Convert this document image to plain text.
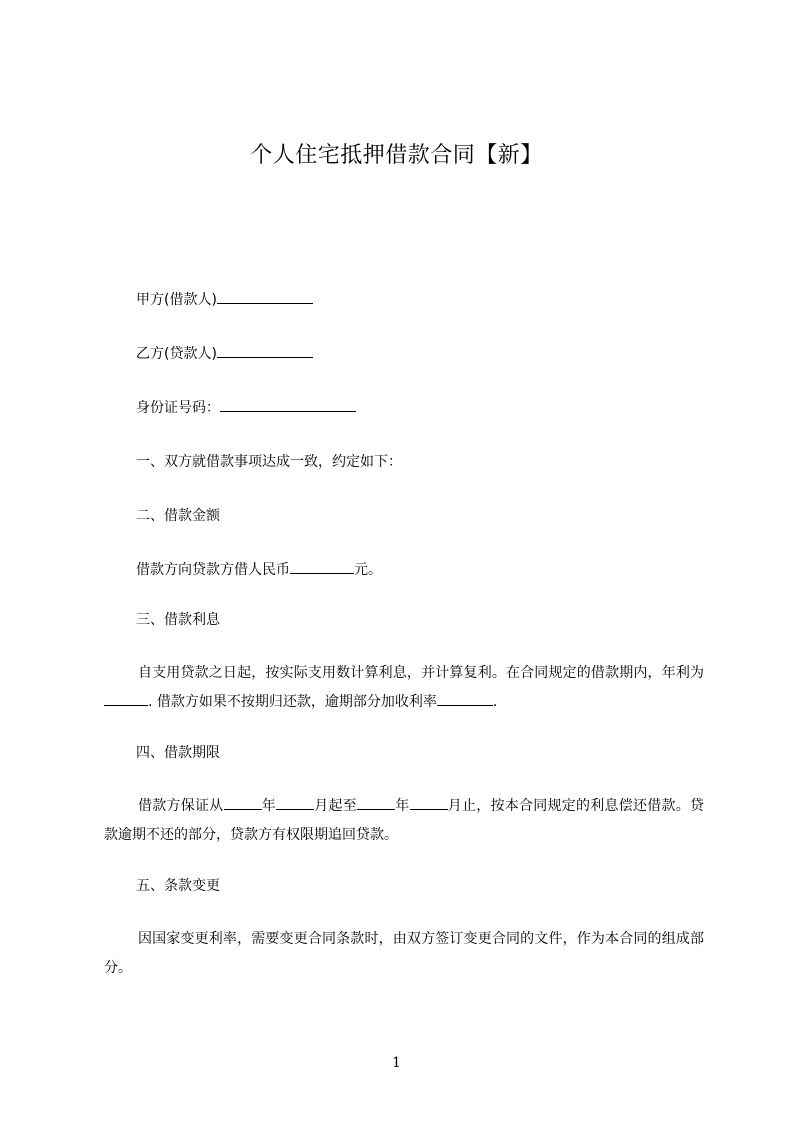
个人住宅抵押借款合同【新】
甲方(借款人)
乙方(贷款人)
身份证号码：
一、双方就借款事项达成一致，约定如下：
二、借款金额
借款方向贷款方借人民币	元。
三、借款利息
自支用贷款之日起，按实际支用数计算利息，并计算复利。在合同规定的借款期内，年利为. 借款方如果不按期归还款，逾期部分加收利率	.
四、借款期限
借款方保证从	年	月起至	年	月止，按本合同规定的利息偿还借款。贷款逾期不还的部分，贷款方有权限期追回贷款。
五、条款变更
因国家变更利率，需要变更合同条款时，由双方签订变更合同的文件，作为本合同的组成部分。
1
